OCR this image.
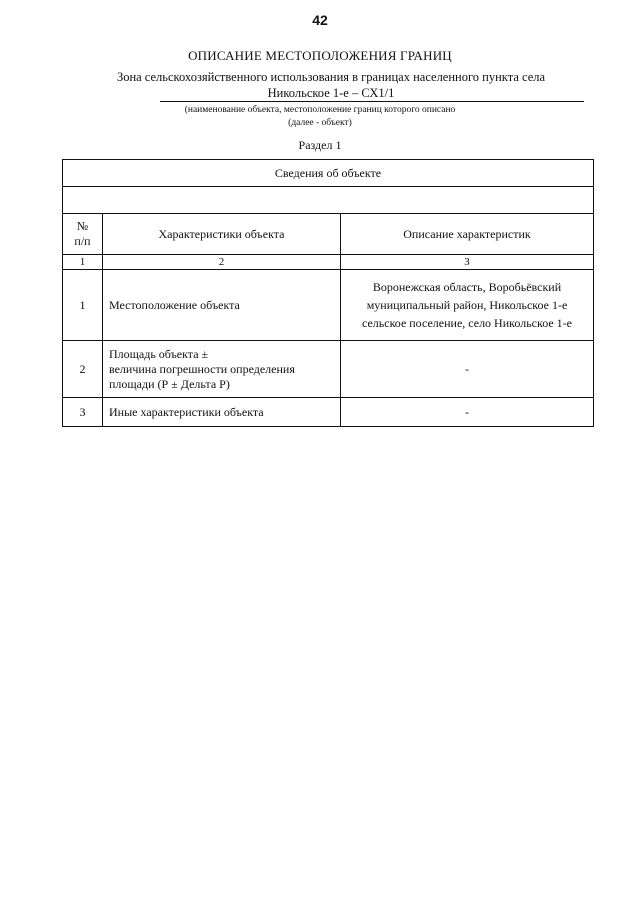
42
ОПИСАНИЕ МЕСТОПОЛОЖЕНИЯ ГРАНИЦ
Зона сельскохозяйственного использования в границах населенного пункта села
Никольское 1-е – СХ1/1
(наименование объекта, местоположение границ которого описано
(далее - объект)
Раздел 1
Сведения об объекте		

№
п/п	Характеристики объекта	Описание характеристик
1	2	3
1	Местоположение объекта	Воронежская область, Воробьёвский
муниципальный район, Никольское 1-е
сельское поселение, село Никольское 1-е

2	Площадь объекта ±
величина погрешности определения
площади (Р ± Дельта Р)	-
3	Иные характеристики объекта	-
